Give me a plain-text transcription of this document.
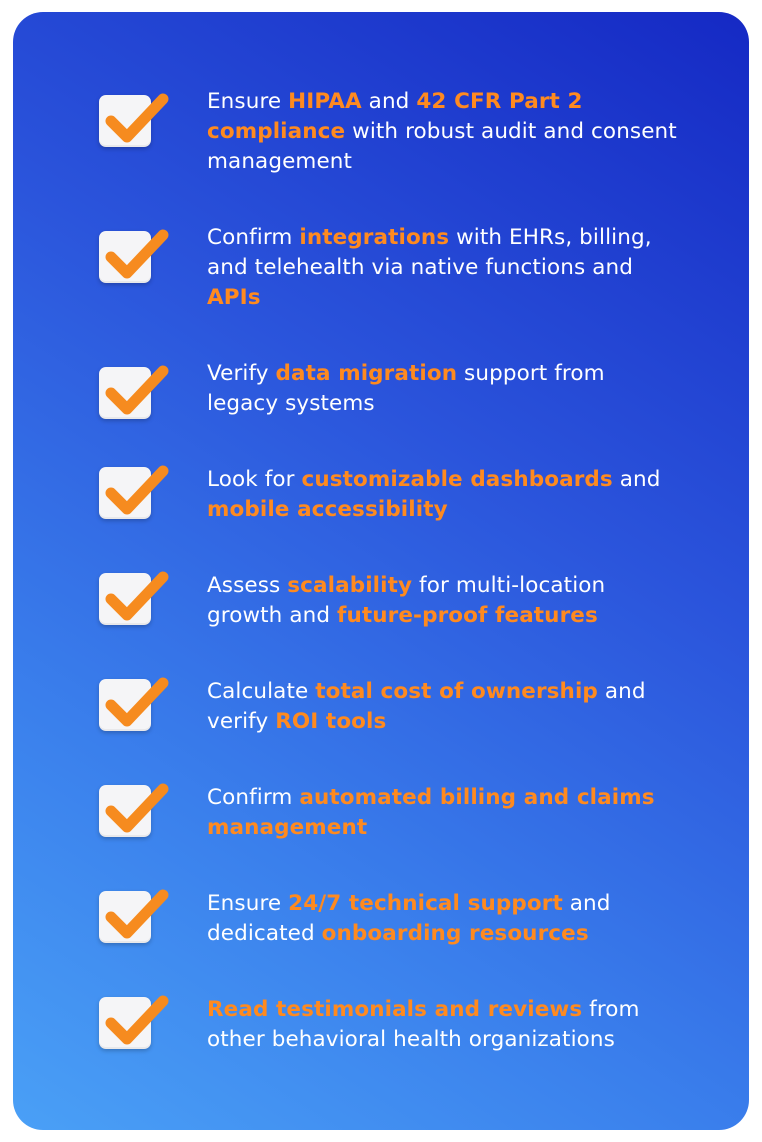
Ensure HIPAA and 42 CFR Part 2 compliance with robust audit and consent management
Confirm integrations with EHRs, billing, and telehealth via native functions and APIs
Verify data migration support from legacy systems
Look for customizable dashboards and mobile accessibility
Assess scalability for multi-location growth and future-proof features
Calculate total cost of ownership and verify ROI tools
Confirm automated billing and claims management
Ensure 24/7 technical support and dedicated onboarding resources
Read testimonials and reviews from other behavioral health organizations
